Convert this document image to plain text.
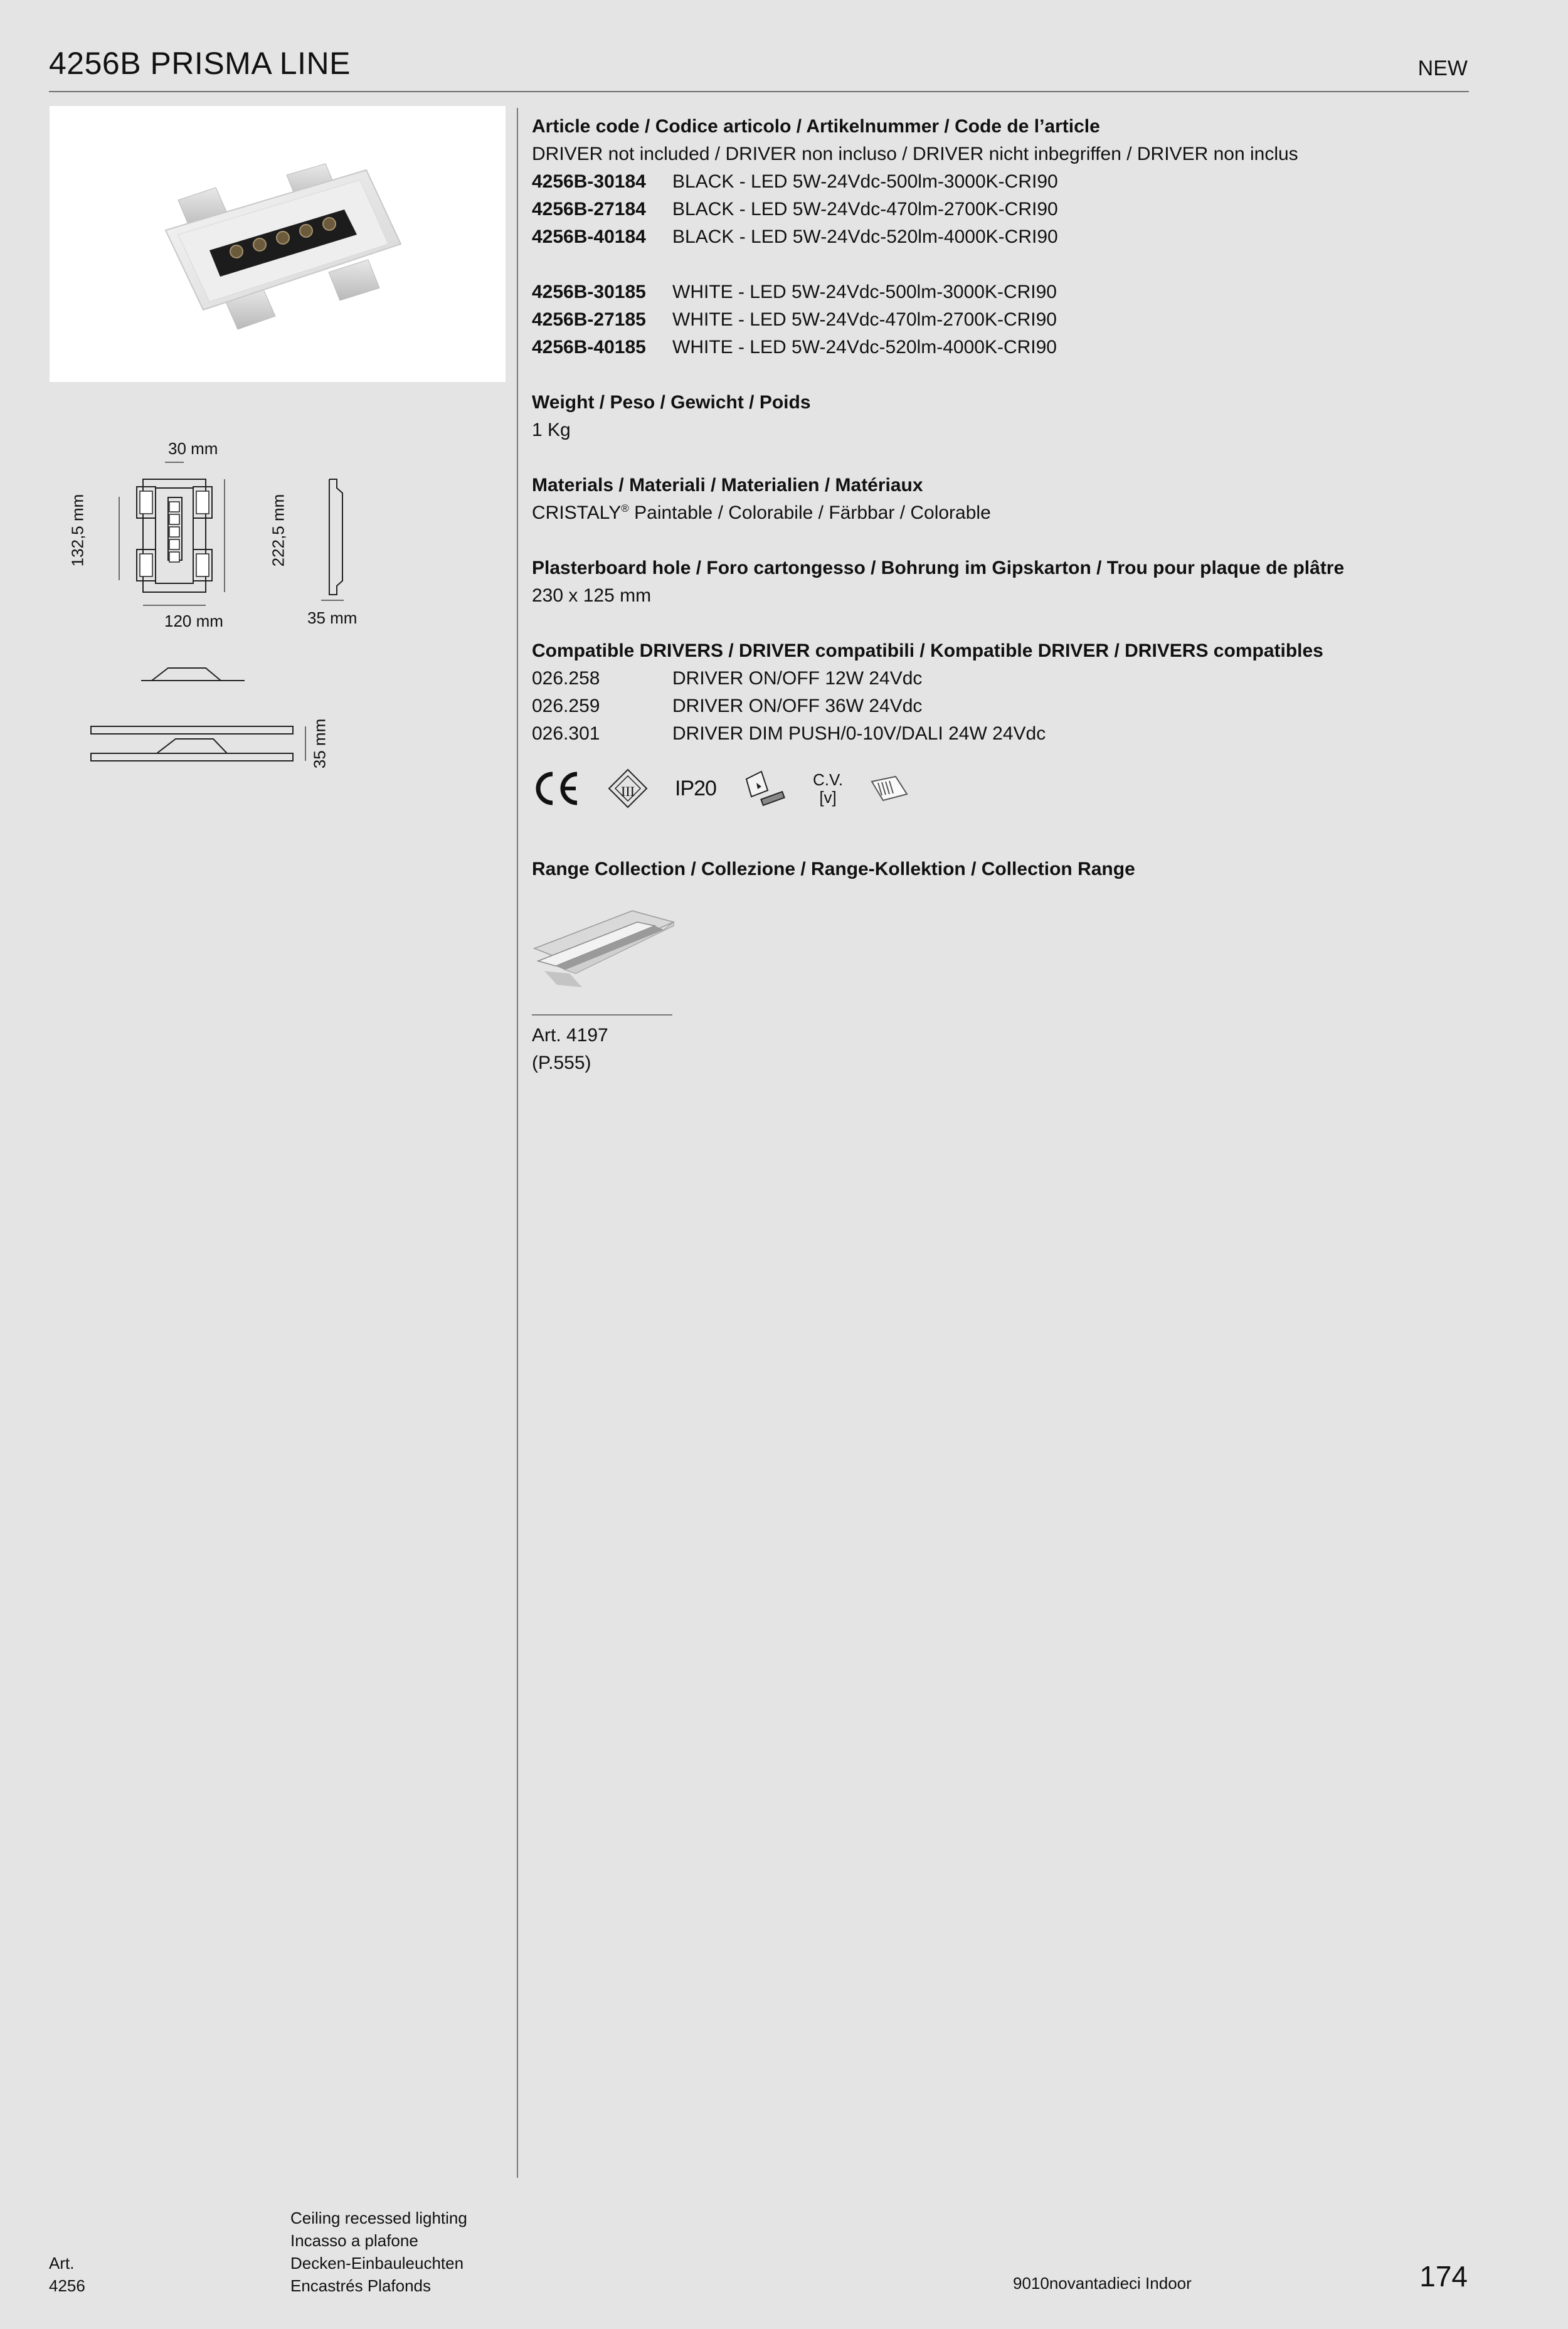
4256B PRISMA LINE	NEW
30 mm
132,5 mm	222,5 mm
120 mm	35 mm
35 mm
Article code / Codice articolo / Artikelnummer / Code de l’article
DRIVER not included / DRIVER non incluso / DRIVER nicht inbegriffen / DRIVER non inclus
4256B-30184	BLACK - LED 5W-24Vdc-500lm-3000K-CRI90
4256B-27184	BLACK - LED 5W-24Vdc-470lm-2700K-CRI90
4256B-40184	BLACK - LED 5W-24Vdc-520lm-4000K-CRI90
4256B-30185	WHITE - LED 5W-24Vdc-500lm-3000K-CRI90
4256B-27185	WHITE - LED 5W-24Vdc-470lm-2700K-CRI90
4256B-40185	WHITE - LED 5W-24Vdc-520lm-4000K-CRI90
Weight / Peso / Gewicht / Poids
1 Kg
Materials / Materiali / Materialien / Matériaux
CRISTALY® Paintable / Colorabile / Färbbar / Colorable
Plasterboard hole / Foro cartongesso / Bohrung im Gipskarton / Trou pour plaque de plâtre
230 x 125 mm
Compatible DRIVERS / DRIVER compatibili / Kompatible DRIVER / DRIVERS compatibles
026.258	DRIVER ON/OFF 12W 24Vdc
026.259	DRIVER ON/OFF 36W 24Vdc
026.301	DRIVER DIM PUSH/0-10V/DALI 24W 24Vdc
III	IP20	C.V.
[v]
Range Collection / Collezione / Range-Kollektion / Collection Range
Art. 4197
(P.555)
Art.
4256
Ceiling recessed lighting
Incasso a plafone
Decken-Einbauleuchten
Encastrés Plafonds	9010novantadieci Indoor	174
